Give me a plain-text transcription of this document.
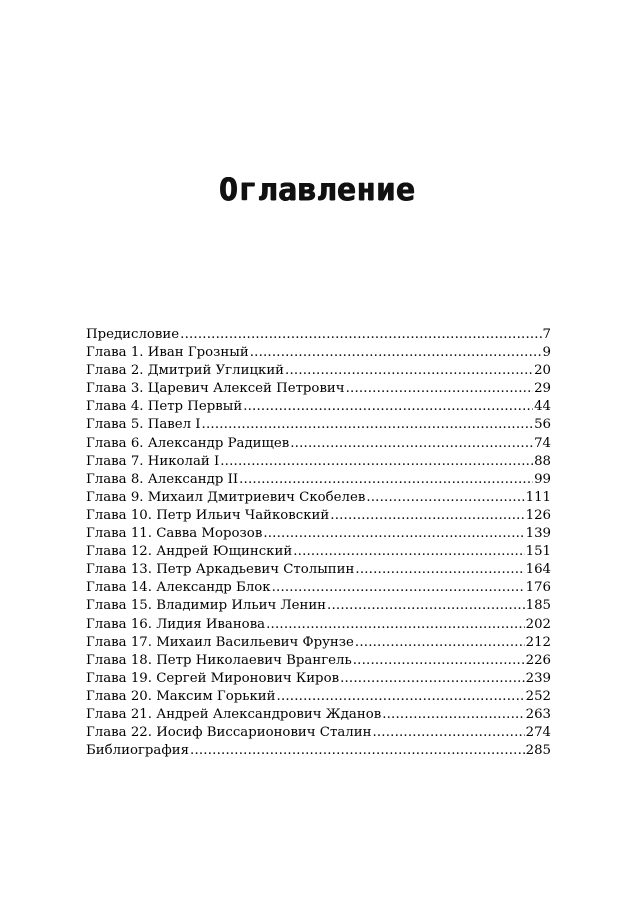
Оглавление
Предисловие .....	7
Глава 1. Иван Грозный .....	9
Глава 2. Дмитрий Углицкий .....	20
Глава 3. Царевич Алексей Петрович .....	29
Глава 4. Петр Первый .....	44
Глава 5. Павел I .....	56
Глава 6. Александр Радищев .....	74
Глава 7. Николай I .....	88
Глава 8. Александр II .....	99
Глава 9. Михаил Дмитриевич Скобелев .....	111
Глава 10. Петр Ильич Чайковский .....	126
Глава 11. Савва Морозов .....	139
Глава 12. Андрей Ющинский .....	151
Глава 13. Петр Аркадьевич Столыпин .....	164
Глава 14. Александр Блок .....	176
Глава 15. Владимир Ильич Ленин .....	185
Глава 16. Лидия Иванова .....	202
Глава 17. Михаил Васильевич Фрунзе .....	212
Глава 18. Петр Николаевич Врангель .....	226
Глава 19. Сергей Миронович Киров .....	239
Глава 20. Максим Горький .....	252
Глава 21. Андрей Александрович Жданов .....	263
Глава 22. Иосиф Виссарионович Сталин .....	274
Библиография .....	285
